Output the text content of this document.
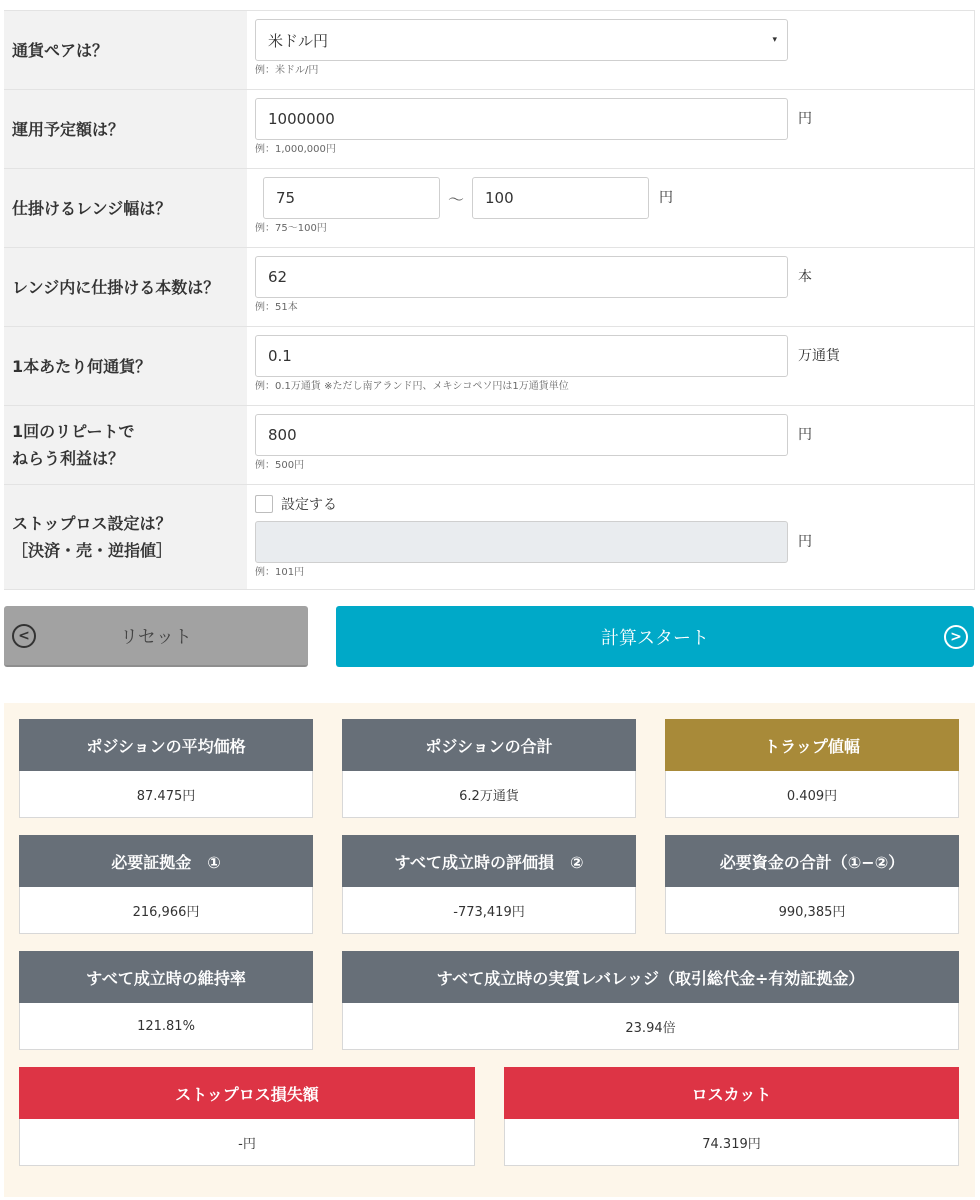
通貨ペアは？	米ドル円	▾
例：米ドル/円
運用予定額は？
1000000	円
例：1,000,000円
仕掛けるレンジ幅は？
75	〜	100	円
例：75〜100円
レンジ内に仕掛ける本数は？
62	本
例：51本
1本あたり何通貨？
0.1	万通貨
例：0.1万通貨 ※ただし南アランド円、メキシコペソ円は1万通貨単位
1回のリピートで
ねらう利益は？
800	円
例：500円
ストップロス設定は？
［決済・売・逆指値］
設定する
円
例：101円
<	リセット	計算スタート	>
ポジションの平均価格
87.475円
ポジションの合計
6.2万通貨
トラップ値幅
0.409円
必要証拠金　①
216,966円
すべて成立時の評価損　②
-773,419円
必要資金の合計（①−②）
990,385円
すべて成立時の維持率
121.81%
すべて成立時の実質レバレッジ（取引総代金÷有効証拠金）
23.94倍
ストップロス損失額
-円
ロスカット
74.319円
